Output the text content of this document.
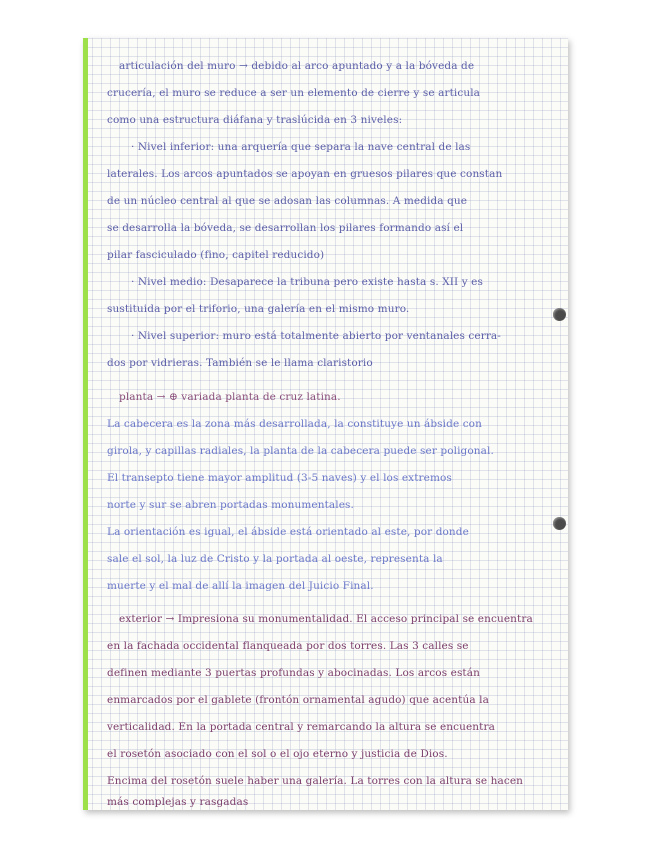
articulación del muro → debido al arco apuntado y a la bóveda de
crucería, el muro se reduce a ser un elemento de cierre y se articula
como una estructura diáfana y traslúcida en 3 niveles:
· Nivel inferior: una arquería que separa la nave central de las
laterales. Los arcos apuntados se apoyan en gruesos pilares que constan
de un núcleo central al que se adosan las columnas. A medida que
se desarrolla la bóveda, se desarrollan los pilares formando así el
pilar fasciculado (fino, capitel reducido)
· Nivel medio: Desaparece la tribuna pero existe hasta s. XII y es
sustituida por el triforio, una galería en el mismo muro.
· Nivel superior: muro está totalmente abierto por ventanales cerra-
dos por vidrieras. También se le llama claristorio
planta → ⊕ variada planta de cruz latina.
La cabecera es la zona más desarrollada, la constituye un ábside con
girola, y capillas radiales, la planta de la cabecera puede ser poligonal.
El transepto tiene mayor amplitud (3-5 naves) y el los extremos
norte y sur se abren portadas monumentales.
La orientación es igual, el ábside está orientado al este, por donde
sale el sol, la luz de Cristo y la portada al oeste, representa la
muerte y el mal de allí la imagen del Juicio Final.
exterior → Impresiona su monumentalidad. El acceso principal se encuentra
en la fachada occidental flanqueada por dos torres. Las 3 calles se
definen mediante 3 puertas profundas y abocinadas. Los arcos están
enmarcados por el gablete (frontón ornamental agudo) que acentúa la
verticalidad. En la portada central y remarcando la altura se encuentra
el rosetón asociado con el sol o el ojo eterno y justicia de Dios.
Encima del rosetón suele haber una galería. La torres con la altura se hacen
más complejas y rasgadas
